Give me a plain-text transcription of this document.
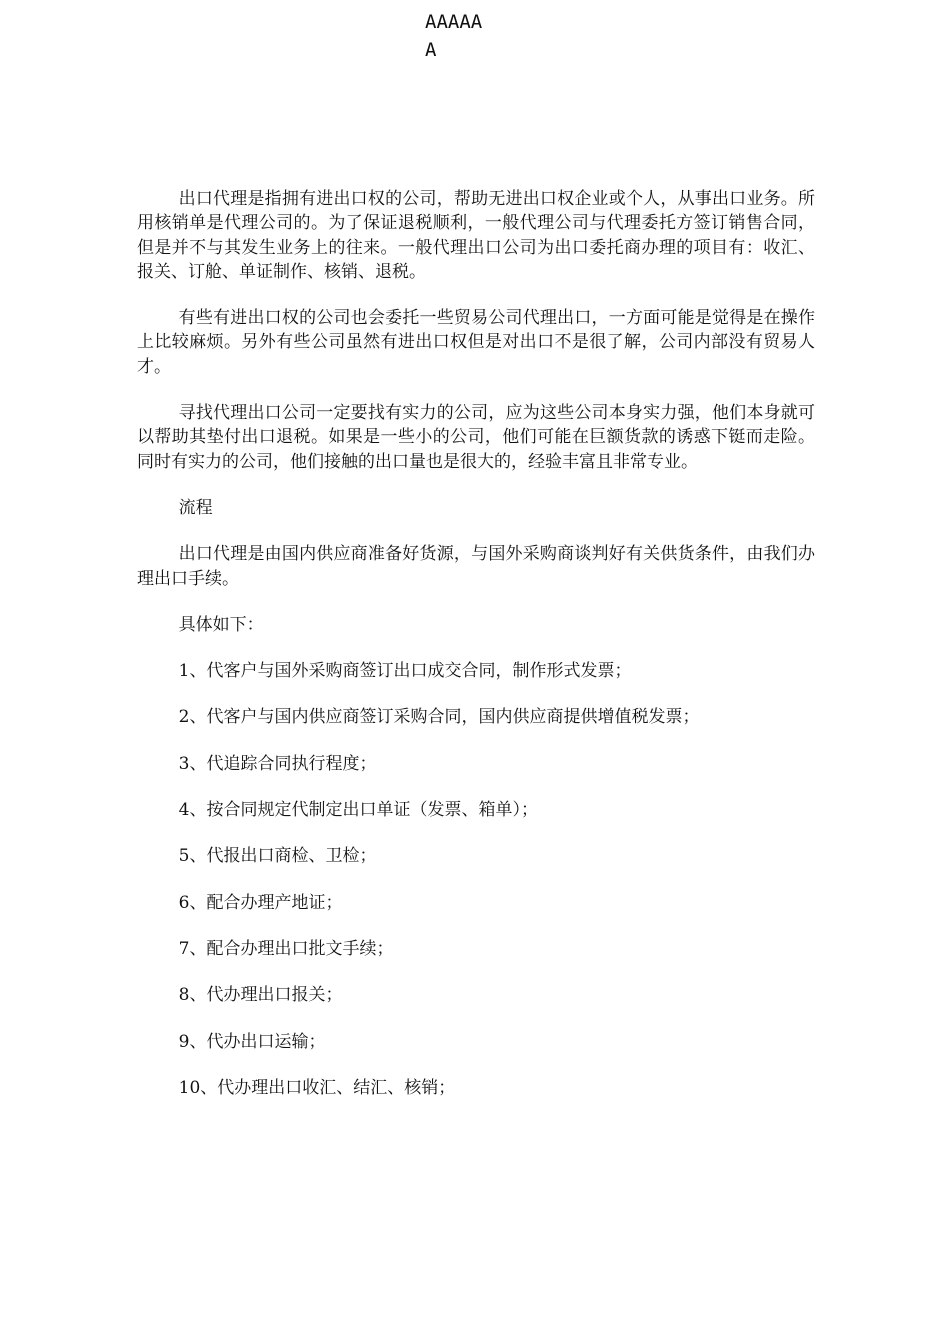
AAAAA
A

出口代理是指拥有进出口权的公司，帮助无进出口权企业或个人，从事出口业务。所用核销单是代理公司的。为了保证退税顺利，一般代理公司与代理委托方签订销售合同，但是并不与其发生业务上的往来。一般代理出口公司为出口委托商办理的项目有：收汇、报关、订舱、单证制作、核销、退税。

有些有进出口权的公司也会委托一些贸易公司代理出口，一方面可能是觉得是在操作上比较麻烦。另外有些公司虽然有进出口权但是对出口不是很了解，公司内部没有贸易人才。

寻找代理出口公司一定要找有实力的公司，应为这些公司本身实力强，他们本身就可以帮助其垫付出口退税。如果是一些小的公司，他们可能在巨额货款的诱惑下铤而走险。同时有实力的公司，他们接触的出口量也是很大的，经验丰富且非常专业。

流程

出口代理是由国内供应商准备好货源，与国外采购商谈判好有关供货条件，由我们办理出口手续。

具体如下：

1、代客户与国外采购商签订出口成交合同，制作形式发票；

2、代客户与国内供应商签订采购合同，国内供应商提供增值税发票；

3、代追踪合同执行程度；

4、按合同规定代制定出口单证（发票、箱单）；

5、代报出口商检、卫检；

6、配合办理产地证；

7、配合办理出口批文手续；

8、代办理出口报关；

9、代办出口运输；

10、代办理出口收汇、结汇、核销；
